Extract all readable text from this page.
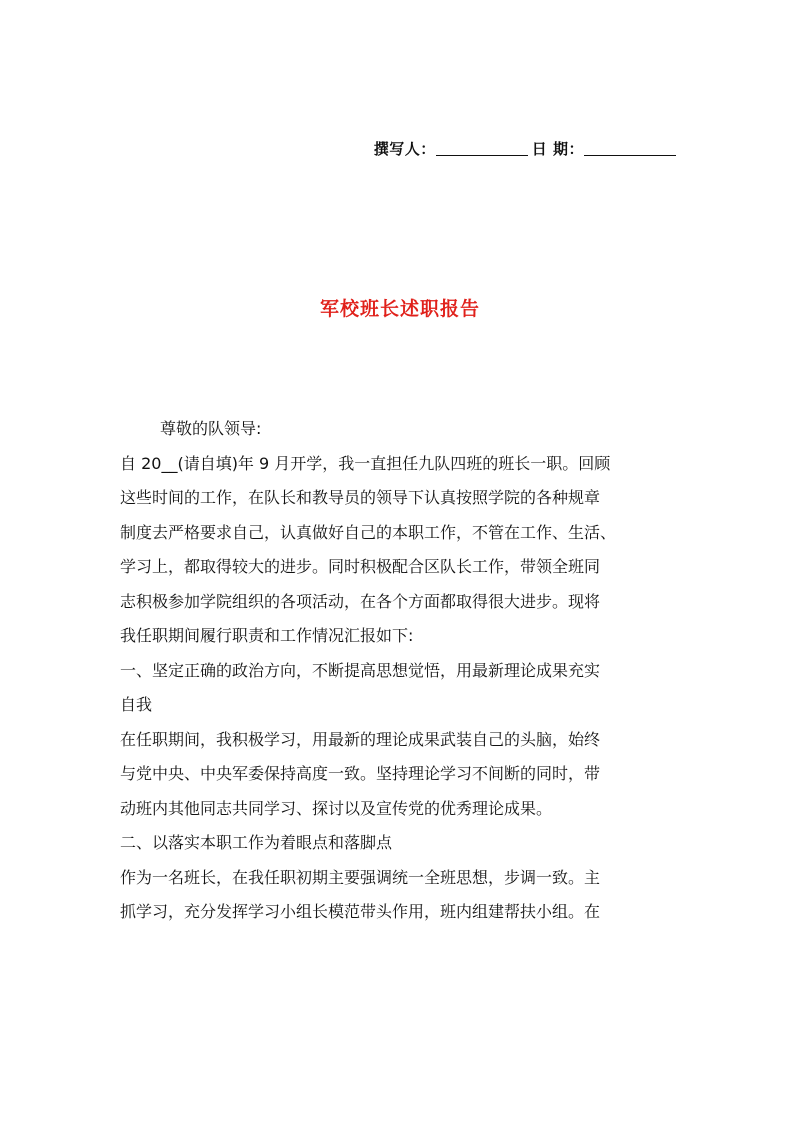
撰写人：	日 期：
军校班长述职报告

尊敬的队领导:

自 20__(请自填)年 9 月开学，我一直担任九队四班的班长一职。回顾

这些时间的工作，在队长和教导员的领导下认真按照学院的各种规章

制度去严格要求自己，认真做好自己的本职工作，不管在工作、生活、

学习上，都取得较大的进步。同时积极配合区队长工作，带领全班同

志积极参加学院组织的各项活动，在各个方面都取得很大进步。现将

我任职期间履行职责和工作情况汇报如下:

一、坚定正确的政治方向，不断提高思想觉悟，用最新理论成果充实

自我

在任职期间，我积极学习，用最新的理论成果武装自己的头脑，始终

与党中央、中央军委保持高度一致。坚持理论学习不间断的同时，带

动班内其他同志共同学习、探讨以及宣传党的优秀理论成果。

二、以落实本职工作为着眼点和落脚点

作为一名班长，在我任职初期主要强调统一全班思想，步调一致。主

抓学习，充分发挥学习小组长模范带头作用，班内组建帮扶小组。在
